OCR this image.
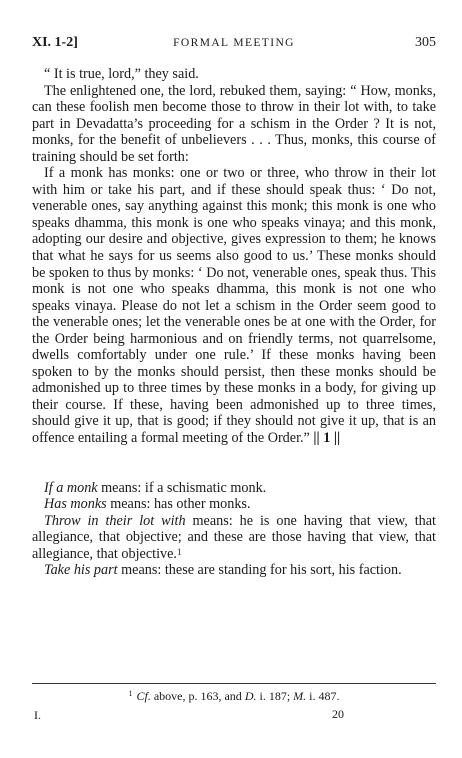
XI. 1-2]	FORMAL MEETING	305

“ It is true, lord,” they said.

The enlightened one, the lord, rebuked them, saying: “ How, monks, can these foolish men become those to throw in their lot with, to take part in Devadatta’s proceeding for a schism in the Order ? It is not, monks, for the benefit of unbelievers . . . Thus, monks, this course of training should be set forth:

If a monk has monks: one or two or three, who throw in their lot with him or take his part, and if these should speak thus: ‘ Do not, venerable ones, say anything against this monk; this monk is one who speaks dhamma, this monk is one who speaks vinaya; and this monk, adopting our desire and objective, gives expression to them; he knows that what he says for us seems also good to us.’ These monks should be spoken to thus by monks: ‘ Do not, venerable ones, speak thus. This monk is not one who speaks dhamma, this monk is not one who speaks vinaya. Please do not let a schism in the Order seem good to the venerable ones; let the venerable ones be at one with the Order, for the Order being harmonious and on friendly terms, not quarrelsome, dwells comfortably under one rule.’ If these monks having been spoken to by the monks should persist, then these monks should be admonished up to three times by these monks in a body, for giving up their course. If these, having been admonished up to three times, should give it up, that is good; if they should not give it up, that is an offence entailing a formal meeting of the Order.” || 1 ||

If a monk means: if a schismatic monk.

Has monks means: has other monks.

Throw in their lot with means: he is one having that view, that allegiance, that objective; and these are those having that view, that allegiance, that objective.$^1$

Take his part means: these are standing for his sort, his faction.

$^1$ Cf. above, p. 163, and D. i. 187; M. i. 487.
I.	20
